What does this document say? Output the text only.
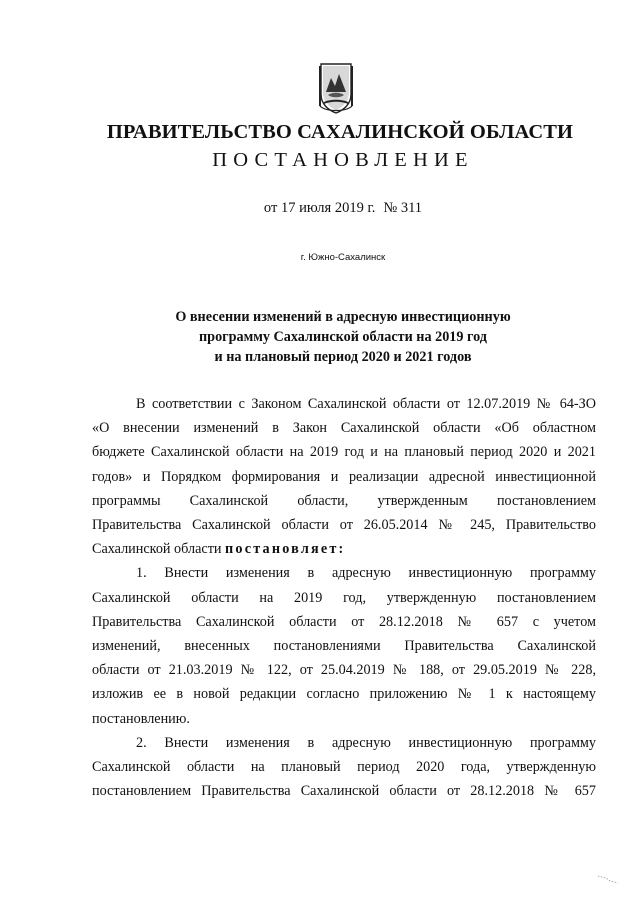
ПРАВИТЕЛЬСТВО САХАЛИНСКОЙ ОБЛАСТИ
ПОСТАНОВЛЕНИЕ
от 17 июля 2019 г. № 311
г. Южно-Сахалинск
О внесении изменений в адресную инвестиционную
программу Сахалинской области на 2019 год
и на плановый период 2020 и 2021 годов
В соответствии с Законом Сахалинской области от 12.07.2019 № 64-ЗО
«О внесении изменений в Закон Сахалинской области «Об областном
бюджете Сахалинской области на 2019 год и на плановый период 2020 и 2021
годов» и Порядком формирования и реализации адресной инвестиционной
программы Сахалинской области, утвержденным постановлением
Правительства Сахалинской области от 26.05.2014 № 245, Правительство
Сахалинской области постановляет:
1. Внести изменения в адресную инвестиционную программу
Сахалинской области на 2019 год, утвержденную постановлением
Правительства Сахалинской области от 28.12.2018 № 657 с учетом
изменений, внесенных постановлениями Правительства Сахалинской
области от 21.03.2019 № 122, от 25.04.2019 № 188, от 29.05.2019 № 228,
изложив ее в новой редакции согласно приложению № 1 к настоящему
постановлению.
2. Внести изменения в адресную инвестиционную программу
Сахалинской области на плановый период 2020 года, утвержденную
постановлением Правительства Сахалинской области от 28.12.2018 № 657
